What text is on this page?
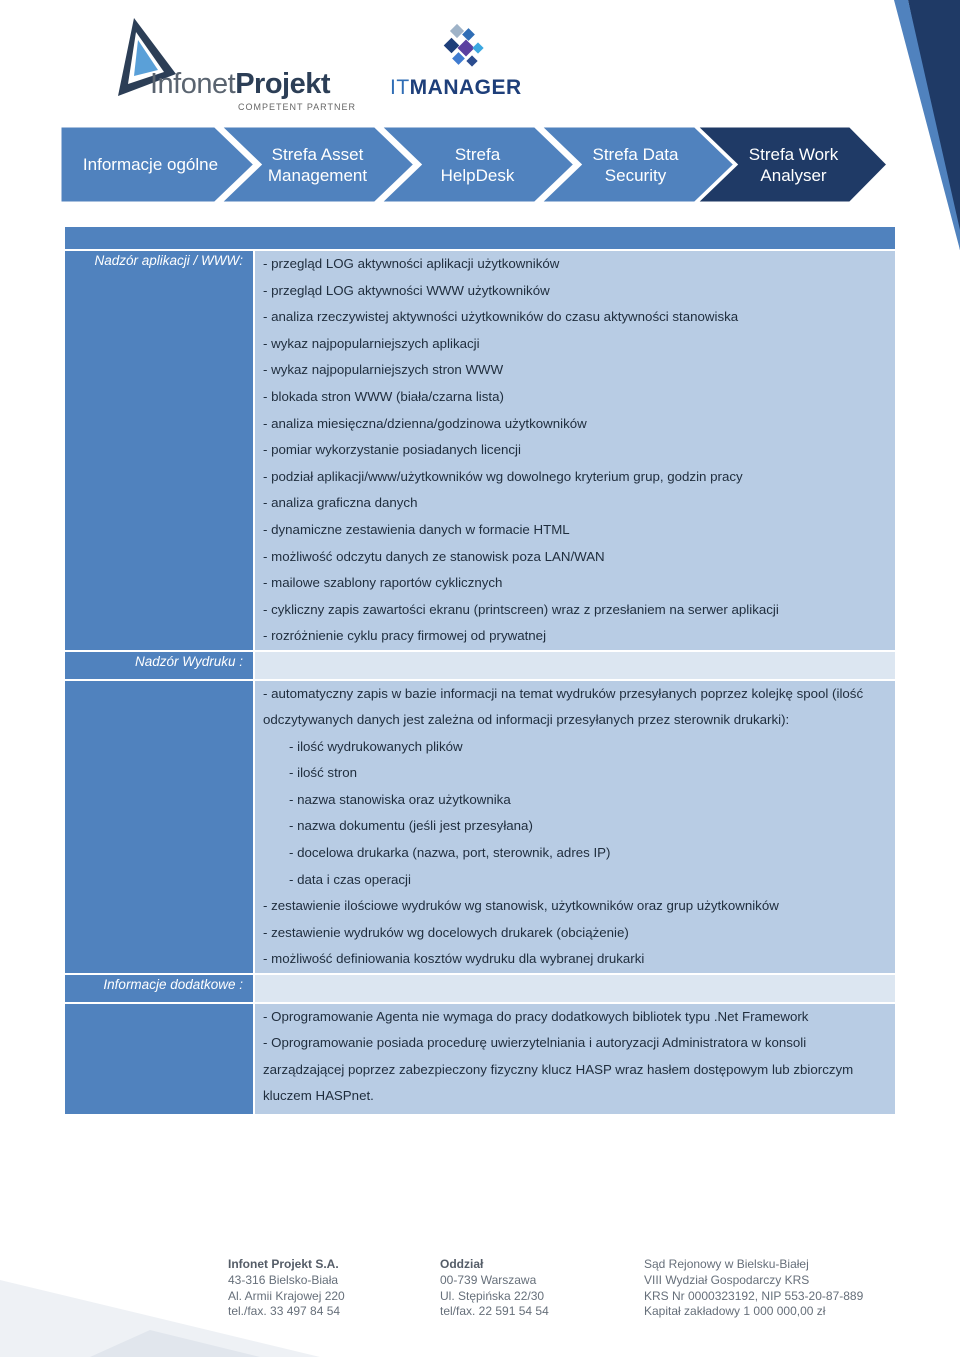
InfonetProjekt
COMPETENT PARTNER
ITMANAGER
Informacje ogólne
Strefa Asset
Management
Strefa
HelpDesk
Strefa Data
Security
Strefa Work
Analyser
Nadzór aplikacji / WWW:	- przegląd LOG aktywności aplikacji użytkowników
- przegląd LOG aktywności WWW użytkowników
- analiza rzeczywistej aktywności użytkowników do czasu aktywności stanowiska
- wykaz najpopularniejszych aplikacji
- wykaz najpopularniejszych stron WWW
- blokada stron WWW (biała/czarna lista)
- analiza miesięczna/dzienna/godzinowa użytkowników
- pomiar wykorzystanie posiadanych licencji
- podział aplikacji/www/użytkowników wg dowolnego kryterium grup, godzin pracy
- analiza graficzna danych
- dynamiczne zestawienia danych w formacie HTML
- możliwość odczytu danych ze stanowisk poza LAN/WAN
- mailowe szablony raportów cyklicznych
- cykliczny zapis zawartości ekranu (printscreen) wraz z przesłaniem na serwer aplikacji
- rozróżnienie cyklu pracy firmowej od prywatnej
Nadzór Wydruku :
- automatyczny zapis w bazie informacji na temat wydruków przesyłanych poprzez kolejkę spool (ilość
odczytywanych danych jest zależna od informacji przesyłanych przez sterownik drukarki):
- ilość wydrukowanych plików
- ilość stron
- nazwa stanowiska oraz użytkownika
- nazwa dokumentu (jeśli jest przesyłana)
- docelowa drukarka (nazwa, port, sterownik, adres IP)
- data i czas operacji
- zestawienie ilościowe wydruków wg stanowisk, użytkowników oraz grup użytkowników
- zestawienie wydruków wg docelowych drukarek (obciążenie)
- możliwość definiowania kosztów wydruku dla wybranej drukarki
Informacje dodatkowe :
- Oprogramowanie Agenta nie wymaga do pracy dodatkowych bibliotek typu .Net Framework
- Oprogramowanie posiada procedurę uwierzytelniania i autoryzacji Administratora w konsoli
zarządzającej poprzez zabezpieczony fizyczny klucz HASP wraz hasłem dostępowym lub zbiorczym
kluczem HASPnet.
Infonet Projekt S.A.
43-316 Bielsko-Biała
Al. Armii Krajowej 220
tel./fax. 33 497 84 54
Oddział
00-739 Warszawa
Ul. Stępińska 22/30
tel/fax. 22 591 54 54
Sąd Rejonowy w Bielsku-Białej
VIII Wydział Gospodarczy KRS
KRS Nr 0000323192, NIP 553-20-87-889
Kapitał zakładowy 1 000 000,00 zł
